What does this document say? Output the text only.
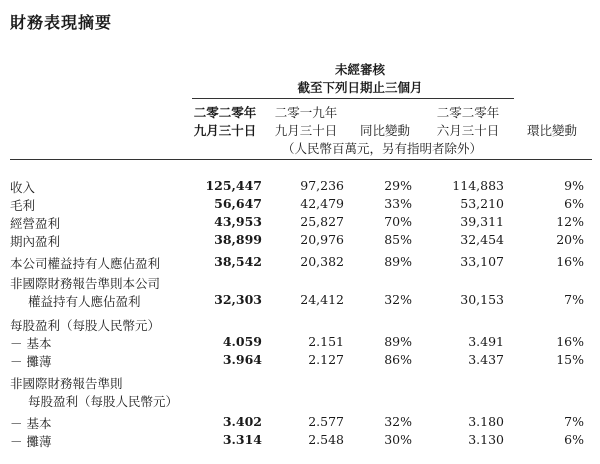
財務表現摘要
未經審核
截至下列日期止三個月
二零二零年
九月三十日
二零一九年
九月三十日	同比變動
二零二零年
六月三十日	環比變動
（人民幣百萬元，另有指明者除外）
收入	125,447	97,236	29%	114,883	9%
毛利	56,647	42,479	33%	53,210	6%
經營盈利	43,953	25,827	70%	39,311	12%
期內盈利	38,899	20,976	85%	32,454	20%
本公司權益持有人應佔盈利	38,542	20,382	89%	33,107	16%
非國際財務報告準則本公司
權益持有人應佔盈利	32,303	24,412	32%	30,153	7%
每股盈利（每股人民幣元）
－ 基本	4.059	2.151	89%	3.491	16%
－ 攤薄	3.964	2.127	86%	3.437	15%
非國際財務報告準則
每股盈利（每股人民幣元）
－ 基本	3.402	2.577	32%	3.180	7%
－ 攤薄	3.314	2.548	30%	3.130	6%
